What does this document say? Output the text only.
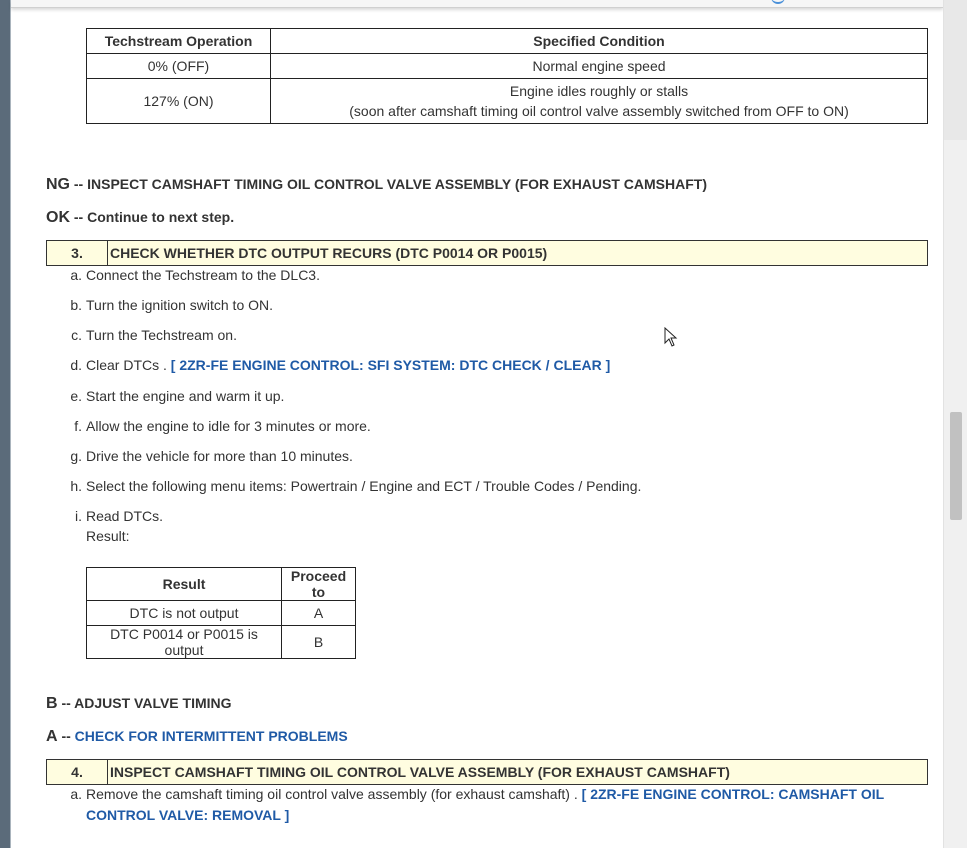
Techstream Operation	Specified Condition
0% (OFF)	Normal engine speed
127% (ON)	Engine idles roughly or stalls
(soon after camshaft timing oil control valve assembly switched from OFF to ON)
NG -- INSPECT CAMSHAFT TIMING OIL CONTROL VALVE ASSEMBLY (FOR EXHAUST CAMSHAFT)
OK -- Continue to next step.
3.	CHECK WHETHER DTC OUTPUT RECURS (DTC P0014 OR P0015)
a. Connect the Techstream to the DLC3.
b. Turn the ignition switch to ON.
c. Turn the Techstream on.
d. Clear DTCs . [ 2ZR-FE ENGINE CONTROL: SFI SYSTEM: DTC CHECK / CLEAR ]
e. Start the engine and warm it up.
f. Allow the engine to idle for 3 minutes or more.
g. Drive the vehicle for more than 10 minutes.
h. Select the following menu items: Powertrain / Engine and ECT / Trouble Codes / Pending.
i. Read DTCs.
Result:
Result	Proceed to
DTC is not output	A
DTC P0014 or P0015 is output	B
B -- ADJUST VALVE TIMING
A -- CHECK FOR INTERMITTENT PROBLEMS
4.	INSPECT CAMSHAFT TIMING OIL CONTROL VALVE ASSEMBLY (FOR EXHAUST CAMSHAFT)
a. Remove the camshaft timing oil control valve assembly (for exhaust camshaft) . [ 2ZR-FE ENGINE CONTROL: CAMSHAFT OIL
CONTROL VALVE: REMOVAL ]
